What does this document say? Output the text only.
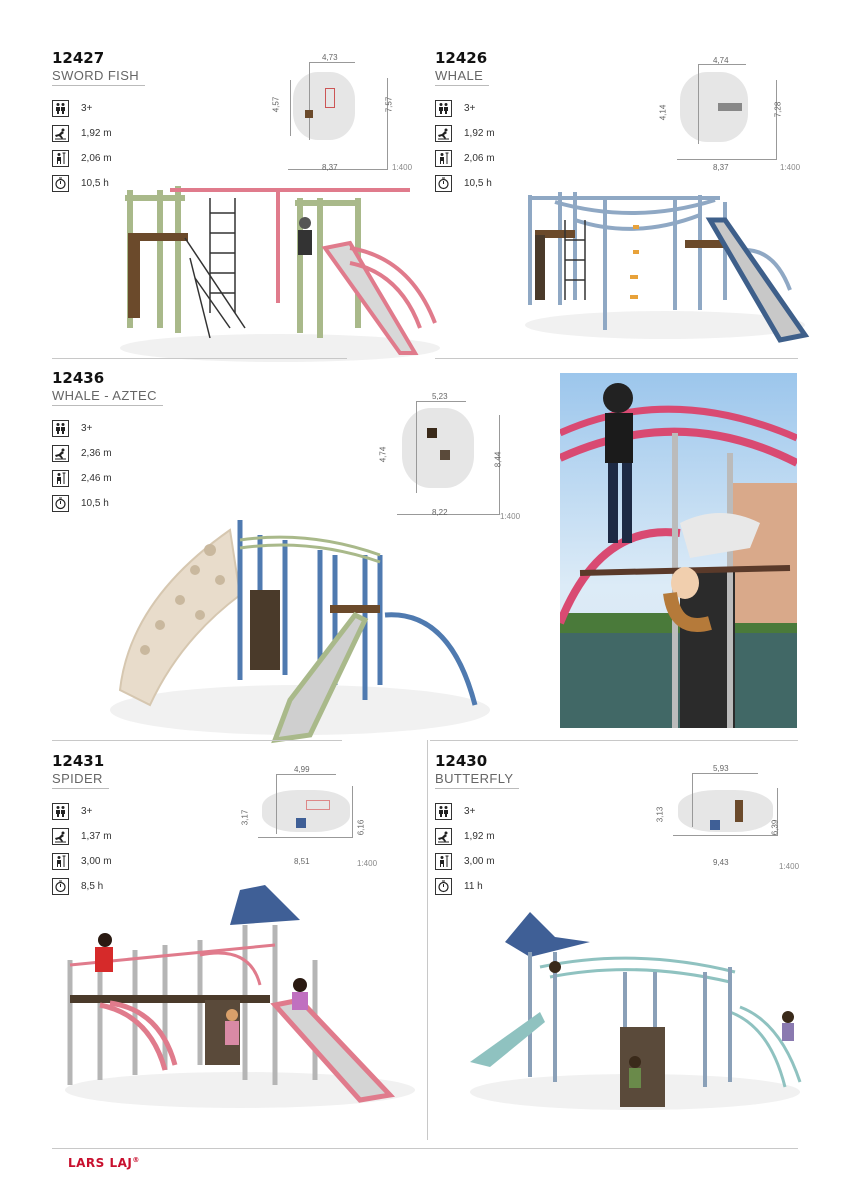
12427
SWORD FISH
3+
1,92 m
2,06 m
10,5 h
4,73
4,57	7,57
8,37	1:400
12426
WHALE
3+
1,92 m
2,06 m
10,5 h
4,74
4,14	7,28
8,37	1:400
12436
WHALE - AZTEC
3+
2,36 m
2,46 m
10,5 h
5,23
4,74	8,44
8,22	1:400
12431
SPIDER
3+
1,37 m
3,00 m
8,5 h
4,99
3,17
6,16
8,51	1:400
12430
BUTTERFLY
3+
1,92 m
3,00 m
11 h
5,93
3,13
6,39
9,43	1:400
LARS LAJ®
